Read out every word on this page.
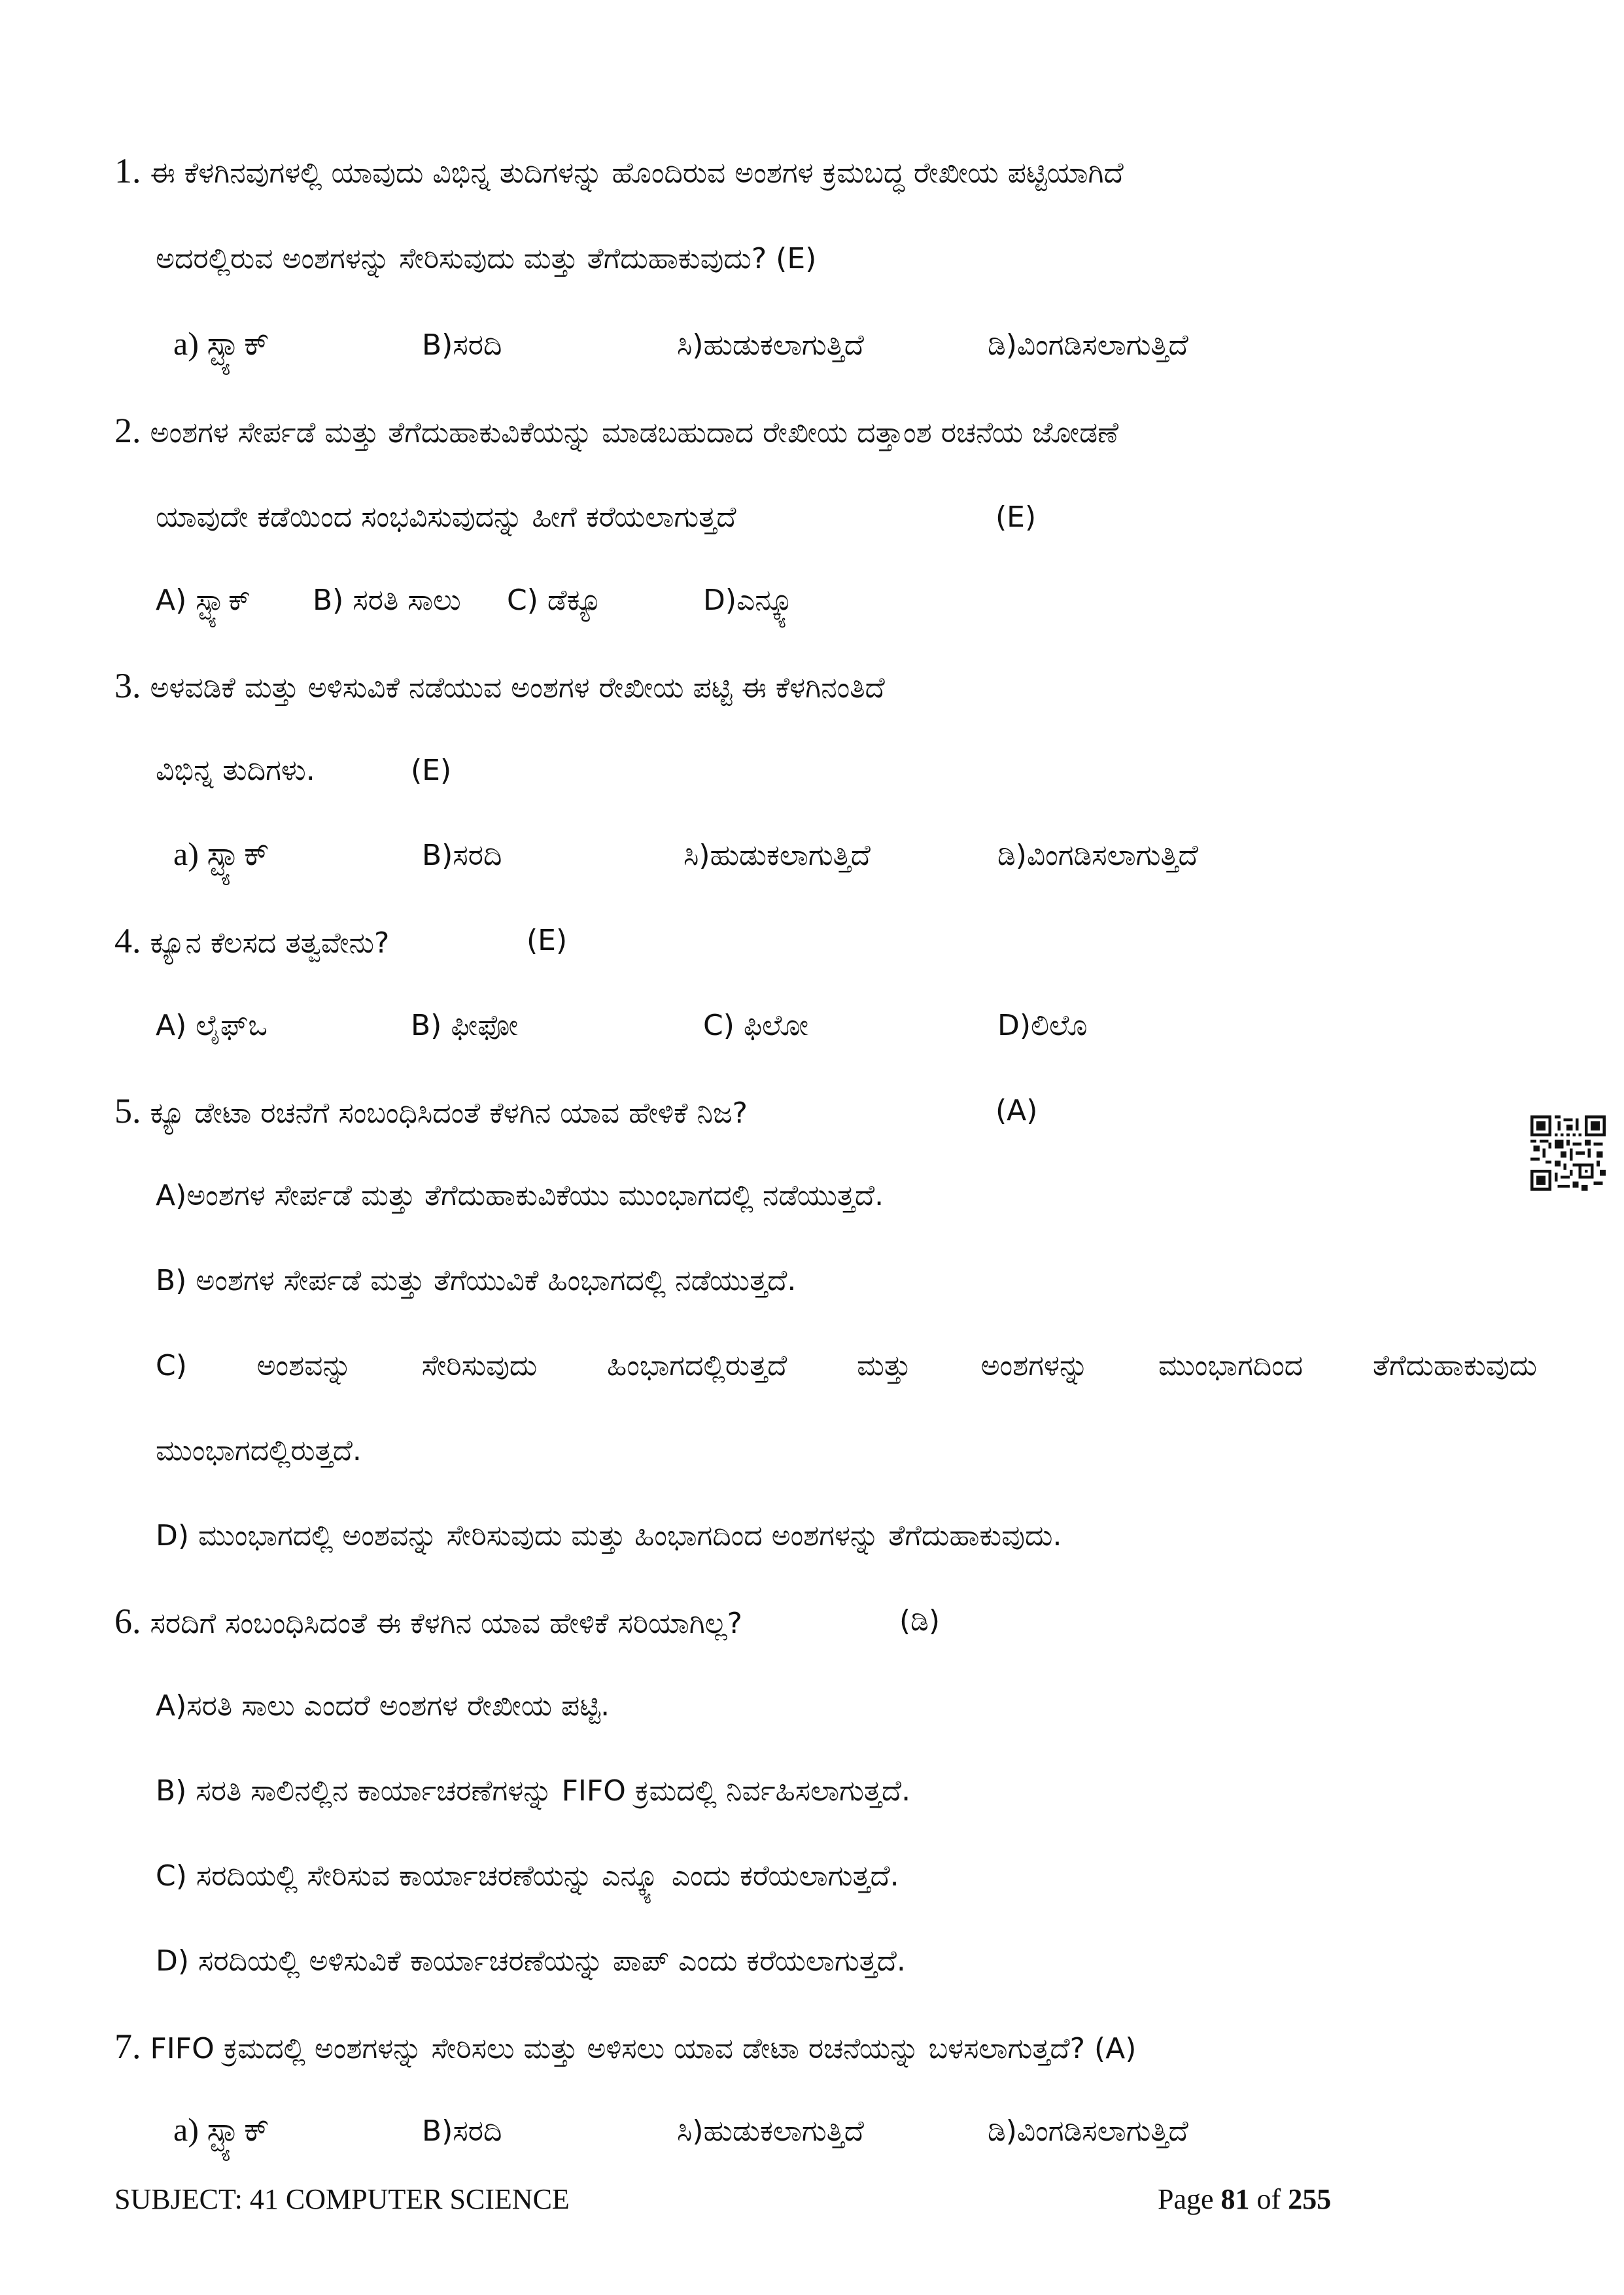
1. ಈ ಕೆಳಗಿನವುಗಳಲ್ಲಿ ಯಾವುದು ವಿಭಿನ್ನ ತುದಿಗಳನ್ನು ಹೊಂದಿರುವ ಅಂಶಗಳ ಕ್ರಮಬದ್ಧ ರೇಖೀಯ ಪಟ್ಟಿಯಾಗಿದೆ
ಅದರಲ್ಲಿರುವ ಅಂಶಗಳನ್ನು ಸೇರಿಸುವುದು ಮತ್ತು ತೆಗೆದುಹಾಕುವುದು? (E)
a) ಸ್ಟ್ಯಾಕ್	B)ಸರದಿ	ಸಿ)ಹುಡುಕಲಾಗುತ್ತಿದೆ	ಡಿ)ವಿಂಗಡಿಸಲಾಗುತ್ತಿದೆ
2. ಅಂಶಗಳ ಸೇರ್ಪಡೆ ಮತ್ತು ತೆಗೆದುಹಾಕುವಿಕೆಯನ್ನು ಮಾಡಬಹುದಾದ ರೇಖೀಯ ದತ್ತಾಂಶ ರಚನೆಯ ಜೋಡಣೆ
ಯಾವುದೇ ಕಡೆಯಿಂದ ಸಂಭವಿಸುವುದನ್ನು ಹೀಗೆ ಕರೆಯಲಾಗುತ್ತದೆ	(E)
A) ಸ್ಟ್ಯಾಕ್ B) ಸರತಿ ಸಾಲು C) ಡೆಕ್ಯೂ	D)ಎನ್ಕ್ಯೂ
3. ಅಳವಡಿಕೆ ಮತ್ತು ಅಳಿಸುವಿಕೆ ನಡೆಯುವ ಅಂಶಗಳ ರೇಖೀಯ ಪಟ್ಟಿ ಈ ಕೆಳಗಿನಂತಿದೆ
ವಿಭಿನ್ನ ತುದಿಗಳು.	(E)
a) ಸ್ಟ್ಯಾಕ್	B)ಸರದಿ	ಸಿ)ಹುಡುಕಲಾಗುತ್ತಿದೆ	ಡಿ)ವಿಂಗಡಿಸಲಾಗುತ್ತಿದೆ
4. ಕ್ಯೂನ ಕೆಲಸದ ತತ್ವವೇನು?	(E)
A) ಲೈಫ್ಒ	B) ಫೀಫೋ	C) ಫಿಲೋ	D)ಲಿಲೊ
5. ಕ್ಯೂ ಡೇಟಾ ರಚನೆಗೆ ಸಂಬಂಧಿಸಿದಂತೆ ಕೆಳಗಿನ ಯಾವ ಹೇಳಿಕೆ ನಿಜ?	(A)
A)ಅಂಶಗಳ ಸೇರ್ಪಡೆ ಮತ್ತು ತೆಗೆದುಹಾಕುವಿಕೆಯು ಮುಂಭಾಗದಲ್ಲಿ ನಡೆಯುತ್ತದೆ.
B) ಅಂಶಗಳ ಸೇರ್ಪಡೆ ಮತ್ತು ತೆಗೆಯುವಿಕೆ ಹಿಂಭಾಗದಲ್ಲಿ ನಡೆಯುತ್ತದೆ.
C) ಅಂಶವನ್ನು ಸೇರಿಸುವುದು ಹಿಂಭಾಗದಲ್ಲಿರುತ್ತದೆ ಮತ್ತು ಅಂಶಗಳನ್ನು ಮುಂಭಾಗದಿಂದ ತೆಗೆದುಹಾಕುವುದು
ಮುಂಭಾಗದಲ್ಲಿರುತ್ತದೆ.
D) ಮುಂಭಾಗದಲ್ಲಿ ಅಂಶವನ್ನು ಸೇರಿಸುವುದು ಮತ್ತು ಹಿಂಭಾಗದಿಂದ ಅಂಶಗಳನ್ನು ತೆಗೆದುಹಾಕುವುದು.
6. ಸರದಿಗೆ ಸಂಬಂಧಿಸಿದಂತೆ ಈ ಕೆಳಗಿನ ಯಾವ ಹೇಳಿಕೆ ಸರಿಯಾಗಿಲ್ಲ?	(ಡಿ)
A)ಸರತಿ ಸಾಲು ಎಂದರೆ ಅಂಶಗಳ ರೇಖೀಯ ಪಟ್ಟಿ.
B) ಸರತಿ ಸಾಲಿನಲ್ಲಿನ ಕಾರ್ಯಾಚರಣೆಗಳನ್ನು FIFO ಕ್ರಮದಲ್ಲಿ ನಿರ್ವಹಿಸಲಾಗುತ್ತದೆ.
C) ಸರದಿಯಲ್ಲಿ ಸೇರಿಸುವ ಕಾರ್ಯಾಚರಣೆಯನ್ನು ಎನ್ಕ್ಯೂ ಎಂದು ಕರೆಯಲಾಗುತ್ತದೆ.
D) ಸರದಿಯಲ್ಲಿ ಅಳಿಸುವಿಕೆ ಕಾರ್ಯಾಚರಣೆಯನ್ನು ಪಾಪ್ ಎಂದು ಕರೆಯಲಾಗುತ್ತದೆ.
7. FIFO ಕ್ರಮದಲ್ಲಿ ಅಂಶಗಳನ್ನು ಸೇರಿಸಲು ಮತ್ತು ಅಳಿಸಲು ಯಾವ ಡೇಟಾ ರಚನೆಯನ್ನು ಬಳಸಲಾಗುತ್ತದೆ? (A)
a) ಸ್ಟ್ಯಾಕ್	B)ಸರದಿ	ಸಿ)ಹುಡುಕಲಾಗುತ್ತಿದೆ	ಡಿ)ವಿಂಗಡಿಸಲಾಗುತ್ತಿದೆ
SUBJECT: 41 COMPUTER SCIENCE	Page 81 of 255
